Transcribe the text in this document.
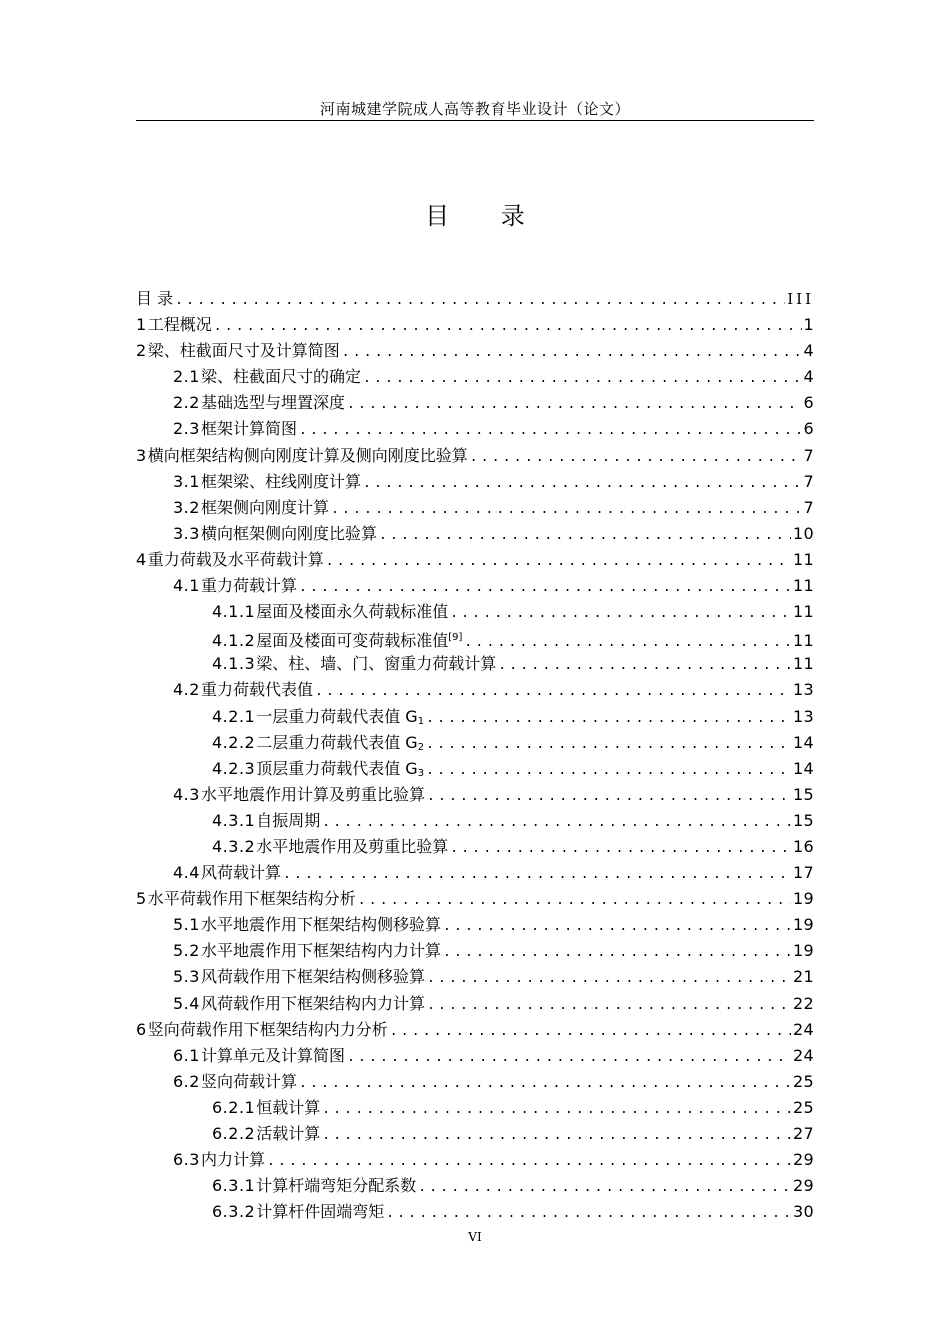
河南城建学院成人高等教育毕业设计（论文）
目 录
目 录 .....	III
1 工程概况 .....	1
2 梁、柱截面尺寸及计算简图 .....	4
2.1 梁、柱截面尺寸的确定 .....	4
2.2 基础选型与埋置深度 .....	6
2.3 框架计算简图 .....	6
3 横向框架结构侧向刚度计算及侧向刚度比验算 .....	7
3.1 框架梁、柱线刚度计算 .....	7
3.2 框架侧向刚度计算 .....	7
3.3 横向框架侧向刚度比验算 .....	10
4 重力荷载及水平荷载计算 .....	11
4.1 重力荷载计算 .....	11
4.1.1 屋面及楼面永久荷载标准值 .....	11
4.1.2 屋面及楼面可变荷载标准值[9] .....	11
4.1.3 梁、柱、墙、门、窗重力荷载计算 .....	11
4.2 重力荷载代表值 .....	13
4.2.1 一层重力荷载代表值 $G_1$ .....	13
4.2.2 二层重力荷载代表值 $G_2$ .....	14
4.2.3 顶层重力荷载代表值 $G_3$ .....	14
4.3 水平地震作用计算及剪重比验算 .....	15
4.3.1 自振周期 .....	15
4.3.2 水平地震作用及剪重比验算 .....	16
4.4 风荷载计算 .....	17
5 水平荷载作用下框架结构分析 .....	19
5.1 水平地震作用下框架结构侧移验算 .....	19
5.2 水平地震作用下框架结构内力计算 .....	19
5.3 风荷载作用下框架结构侧移验算 .....	21
5.4 风荷载作用下框架结构内力计算 .....	22
6 竖向荷载作用下框架结构内力分析 .....	24
6.1 计算单元及计算简图 .....	24
6.2 竖向荷载计算 .....	25
6.2.1 恒载计算 .....	25
6.2.2 活载计算 .....	27
6.3 内力计算 .....	29
6.3.1 计算杆端弯矩分配系数 .....	29
6.3.2 计算杆件固端弯矩 .....	30
VI
